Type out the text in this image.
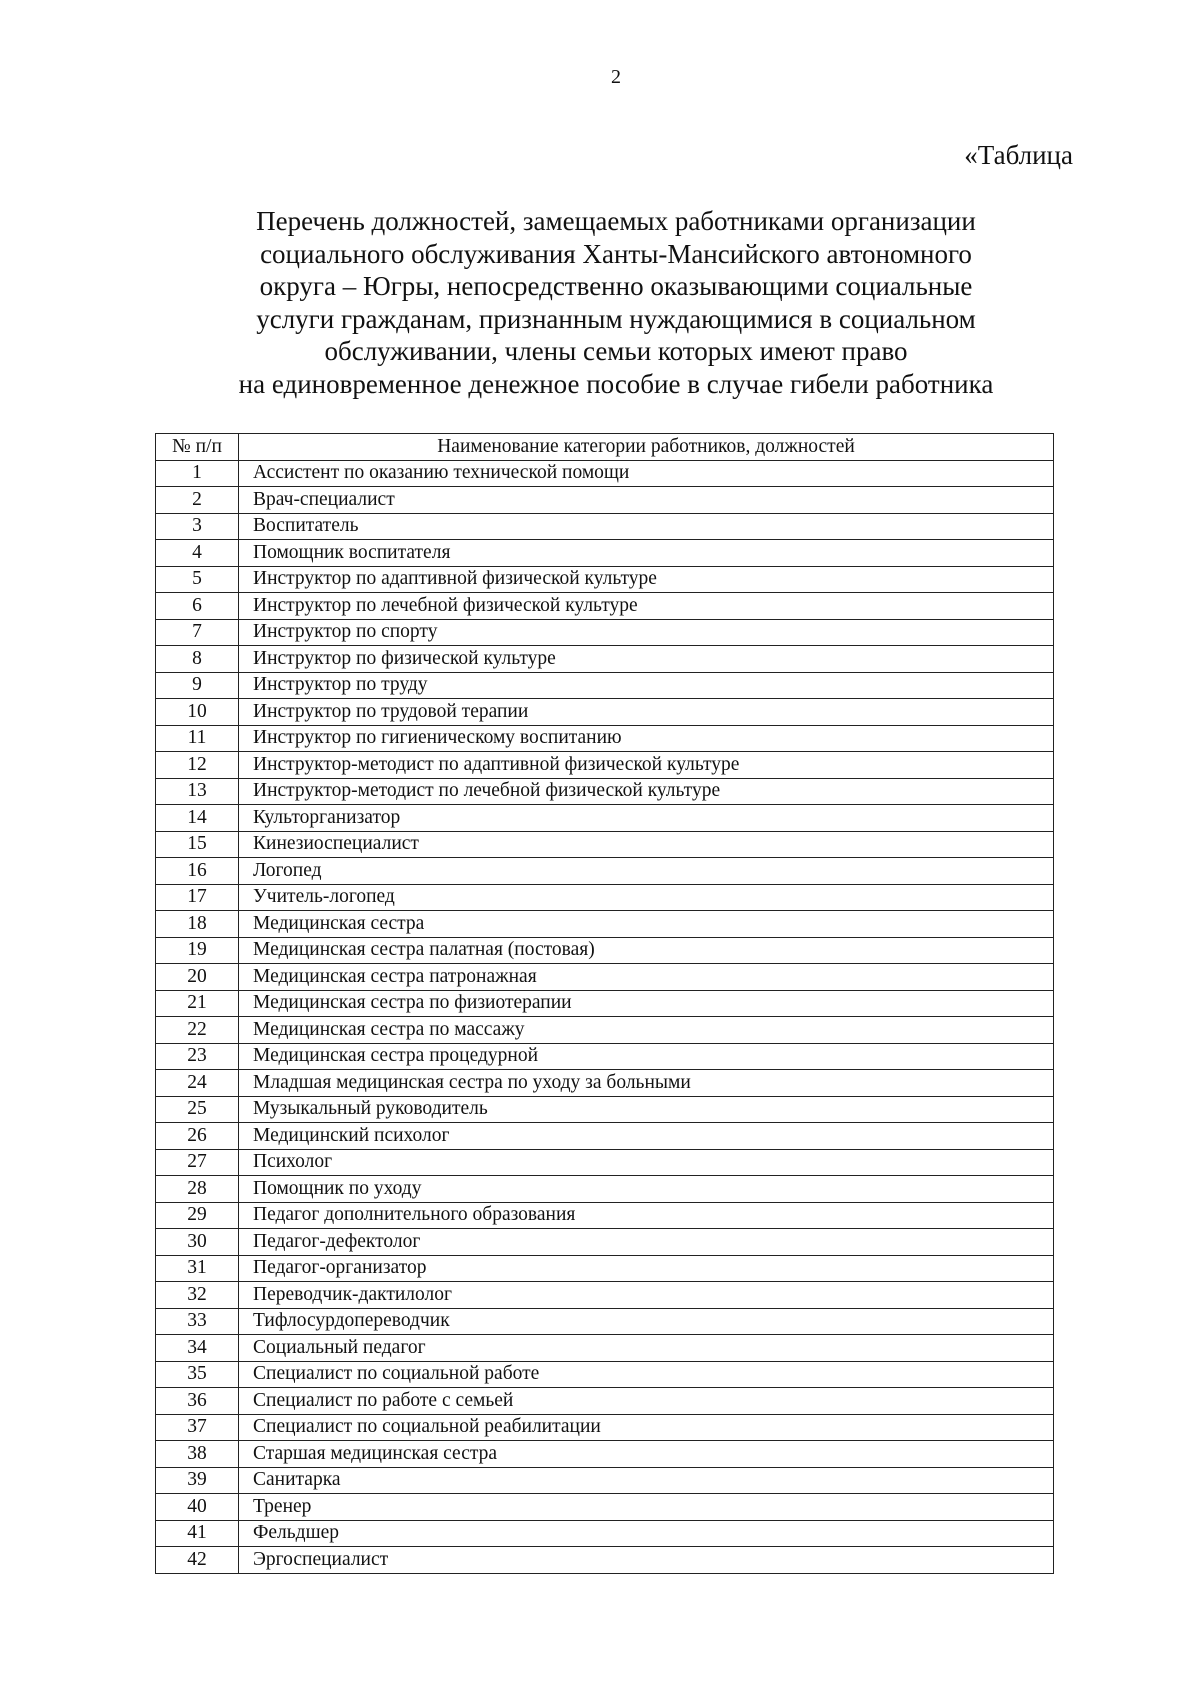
2
«Таблица
Перечень должностей, замещаемых работниками организации
социального обслуживания Ханты-Мансийского автономного
округа – Югры, непосредственно оказывающими социальные
услуги гражданам, признанным нуждающимися в социальном
обслуживании, члены семьи которых имеют право
на единовременное денежное пособие в случае гибели работника
№ п/п	Наименование категории работников, должностей
1	Ассистент по оказанию технической помощи
2	Врач-специалист
3	Воспитатель
4	Помощник воспитателя
5	Инструктор по адаптивной физической культуре
6	Инструктор по лечебной физической культуре
7	Инструктор по спорту
8	Инструктор по физической культуре
9	Инструктор по труду
10	Инструктор по трудовой терапии
11	Инструктор по гигиеническому воспитанию
12	Инструктор-методист по адаптивной физической культуре
13	Инструктор-методист по лечебной физической культуре
14	Культорганизатор
15	Кинезиоспециалист
16	Логопед
17	Учитель-логопед
18	Медицинская сестра
19	Медицинская сестра палатная (постовая)
20	Медицинская сестра патронажная
21	Медицинская сестра по физиотерапии
22	Медицинская сестра по массажу
23	Медицинская сестра процедурной
24	Младшая медицинская сестра по уходу за больными
25	Музыкальный руководитель
26	Медицинский психолог
27	Психолог
28	Помощник по уходу
29	Педагог дополнительного образования
30	Педагог-дефектолог
31	Педагог-организатор
32	Переводчик-дактилолог
33	Тифлосурдопереводчик
34	Социальный педагог
35	Специалист по социальной работе
36	Специалист по работе с семьей
37	Специалист по социальной реабилитации
38	Старшая медицинская сестра
39	Санитарка
40	Тренер
41	Фельдшер
42	Эргоспециалист
